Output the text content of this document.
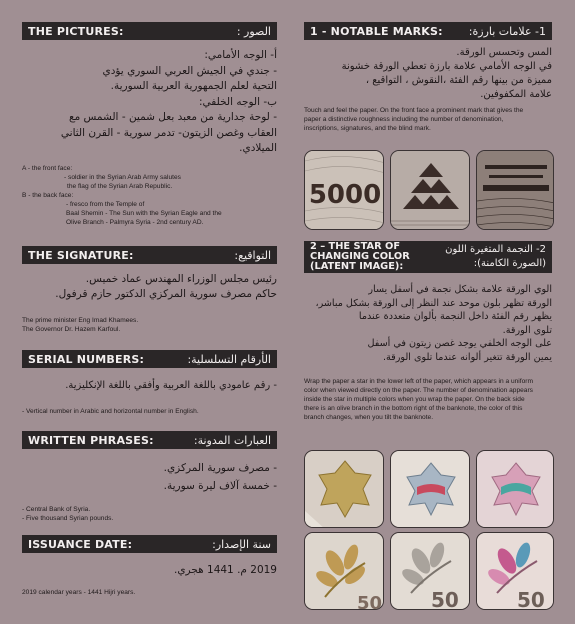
THE PICTURES:	الصور :
أ- الوجه الأمامي:
- جندي في الجيش العربي السوري يؤدي
التحية لعلم الجمهورية العربية السورية.
ب- الوجه الخلفي:
- لوحة جدارية من معبد بعل شمين - الشمس مع
العقاب وغصن الزيتون- تدمر سورية - القرن الثاني
الميلادي.
A - the front face:
- soldier in the Syrian Arab Army salutes
the flag of the Syrian Arab Republic.
B - the back face:
- fresco from the Temple of
Baal Shemin - The Sun with the Syrian Eagle and the
Olive Branch - Palmyra Syria - 2nd century AD.
THE SIGNATURE:	التواقيع:
رئيس مجلس الوزراء المهندس عماد خميس.
حاكم مصرف سورية المركزي الدكتور حازم قرفول.
The prime minister Eng Imad Khamees.
The Governor Dr. Hazem Karfoul.
SERIAL NUMBERS:	الأرقام التسلسلية:
- رقم عامودي باللغة العربية وأفقي باللغة الإنكليزية.
- Vertical number in Arabic and horizontal number in English.
WRITTEN PHRASES:	العبارات المدونة:
- مصرف سورية المركزي.
- خمسة آلاف ليرة سورية.
- Central Bank of Syria.
- Five thousand Syrian pounds.
ISSUANCE DATE:	سنة الإصدار:
2019 م. 1441 هجري.
2019 calendar years - 1441 Hijri years.
1 - NOTABLE MARKS: 1- علامات بارزة:
المس وتحسس الورقة.
في الوجه الأمامي علامة بارزة تعطي الورقة خشونة
مميزة من بينها رقم الفئة ،النقوش ، التواقيع ،
علامة المكفوفين.
Touch and feel the paper. On the front face a prominent mark that gives the
paper a distinctive roughness including the number of denomination,
inscriptions, signatures, and the blind mark.
5000
2 – THE STAR OF
CHANGING COLOR
(LATENT IMAGE):
2- النجمة المتغيرة اللون
(الصورة الكامنة):
الوي الورقة علامة بشكل نجمة في أسفل يسار
الورقة تظهر بلون موحد عند النظر إلى الورقة بشكل مباشر،
يظهر رقم الفئة داخل النجمة بألوان متعددة عندما
تلوى الورقة.
على الوجه الخلفي يوجد غصن زيتون في أسفل
يمين الورقة تتغير ألوانه عندما تلوى الورقة.
Wrap the paper a star in the lower left of the paper, which appears in a uniform
color when viewed directly on the paper. The number of denomination appears
inside the star in multiple colors when you wrap the paper. On the back side
there is an olive branch in the bottom right of the banknote, the color of this
branch changes, when you tilt the banknote.
50 50	50
